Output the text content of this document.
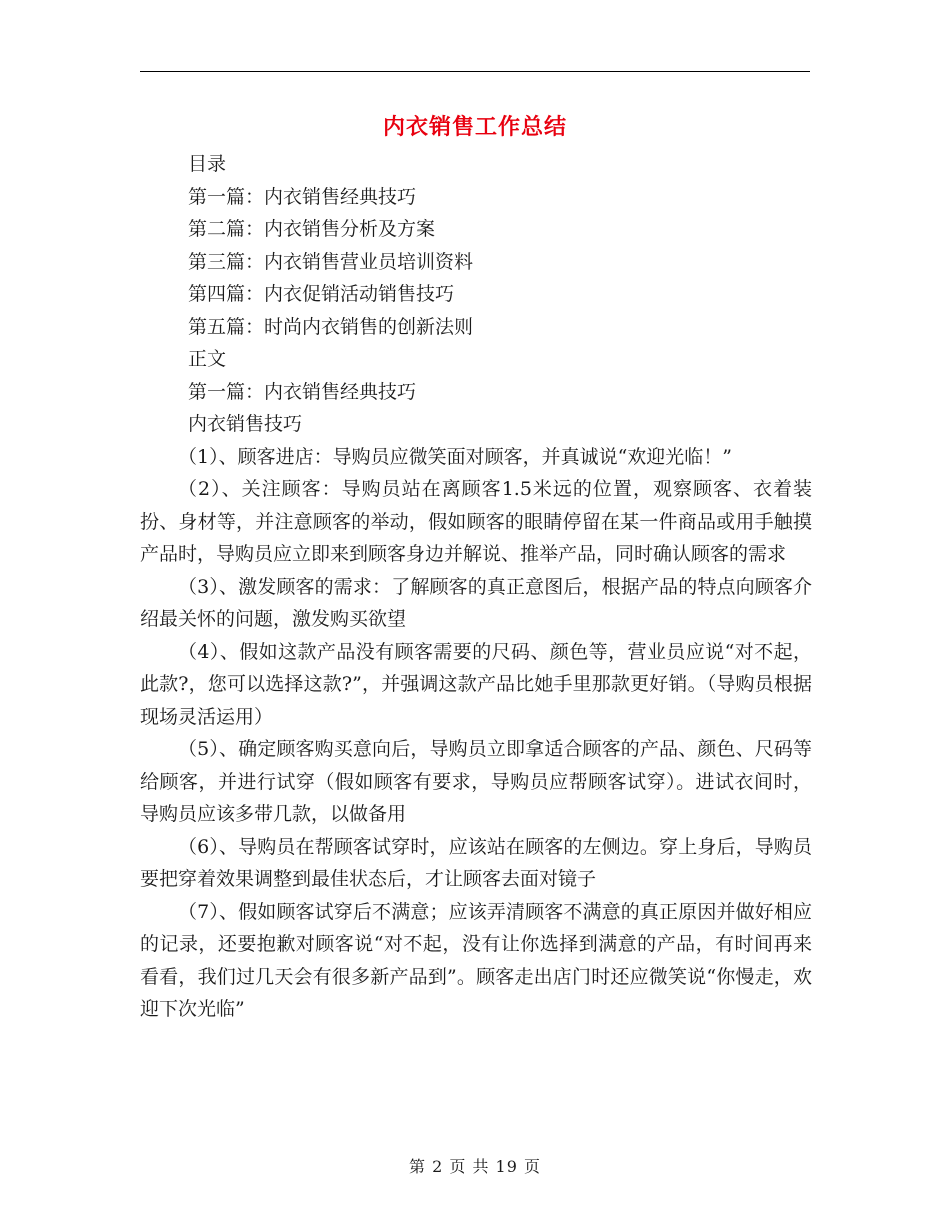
内衣销售工作总结

目录

第一篇：内衣销售经典技巧

第二篇：内衣销售分析及方案

第三篇：内衣销售营业员培训资料

第四篇：内衣促销活动销售技巧

第五篇：时尚内衣销售的创新法则

正文

第一篇：内衣销售经典技巧

内衣销售技巧

（1）、顾客进店：导购员应微笑面对顾客，并真诚说“欢迎光临！”

（2）、关注顾客：导购员站在离顾客1.5米远的位置，观察顾客、衣着装扮、身材等，并注意顾客的举动，假如顾客的眼睛停留在某一件商品或用手触摸产品时，导购员应立即来到顾客身边并解说、推举产品，同时确认顾客的需求

（3）、激发顾客的需求：了解顾客的真正意图后，根据产品的特点向顾客介绍最关怀的问题，激发购买欲望

（4）、假如这款产品没有顾客需要的尺码、颜色等，营业员应说“对不起，此款?，您可以选择这款?”，并强调这款产品比她手里那款更好销。（导购员根据现场灵活运用）

（5）、确定顾客购买意向后，导购员立即拿适合顾客的产品、颜色、尺码等给顾客，并进行试穿（假如顾客有要求，导购员应帮顾客试穿）。进试衣间时，导购员应该多带几款，以做备用

（6）、导购员在帮顾客试穿时，应该站在顾客的左侧边。穿上身后，导购员要把穿着效果调整到最佳状态后，才让顾客去面对镜子

（7）、假如顾客试穿后不满意；应该弄清顾客不满意的真正原因并做好相应的记录，还要抱歉对顾客说“对不起，没有让你选择到满意的产品，有时间再来看看，我们过几天会有很多新产品到”。顾客走出店门时还应微笑说“你慢走，欢迎下次光临”

第 2 页 共 19 页
